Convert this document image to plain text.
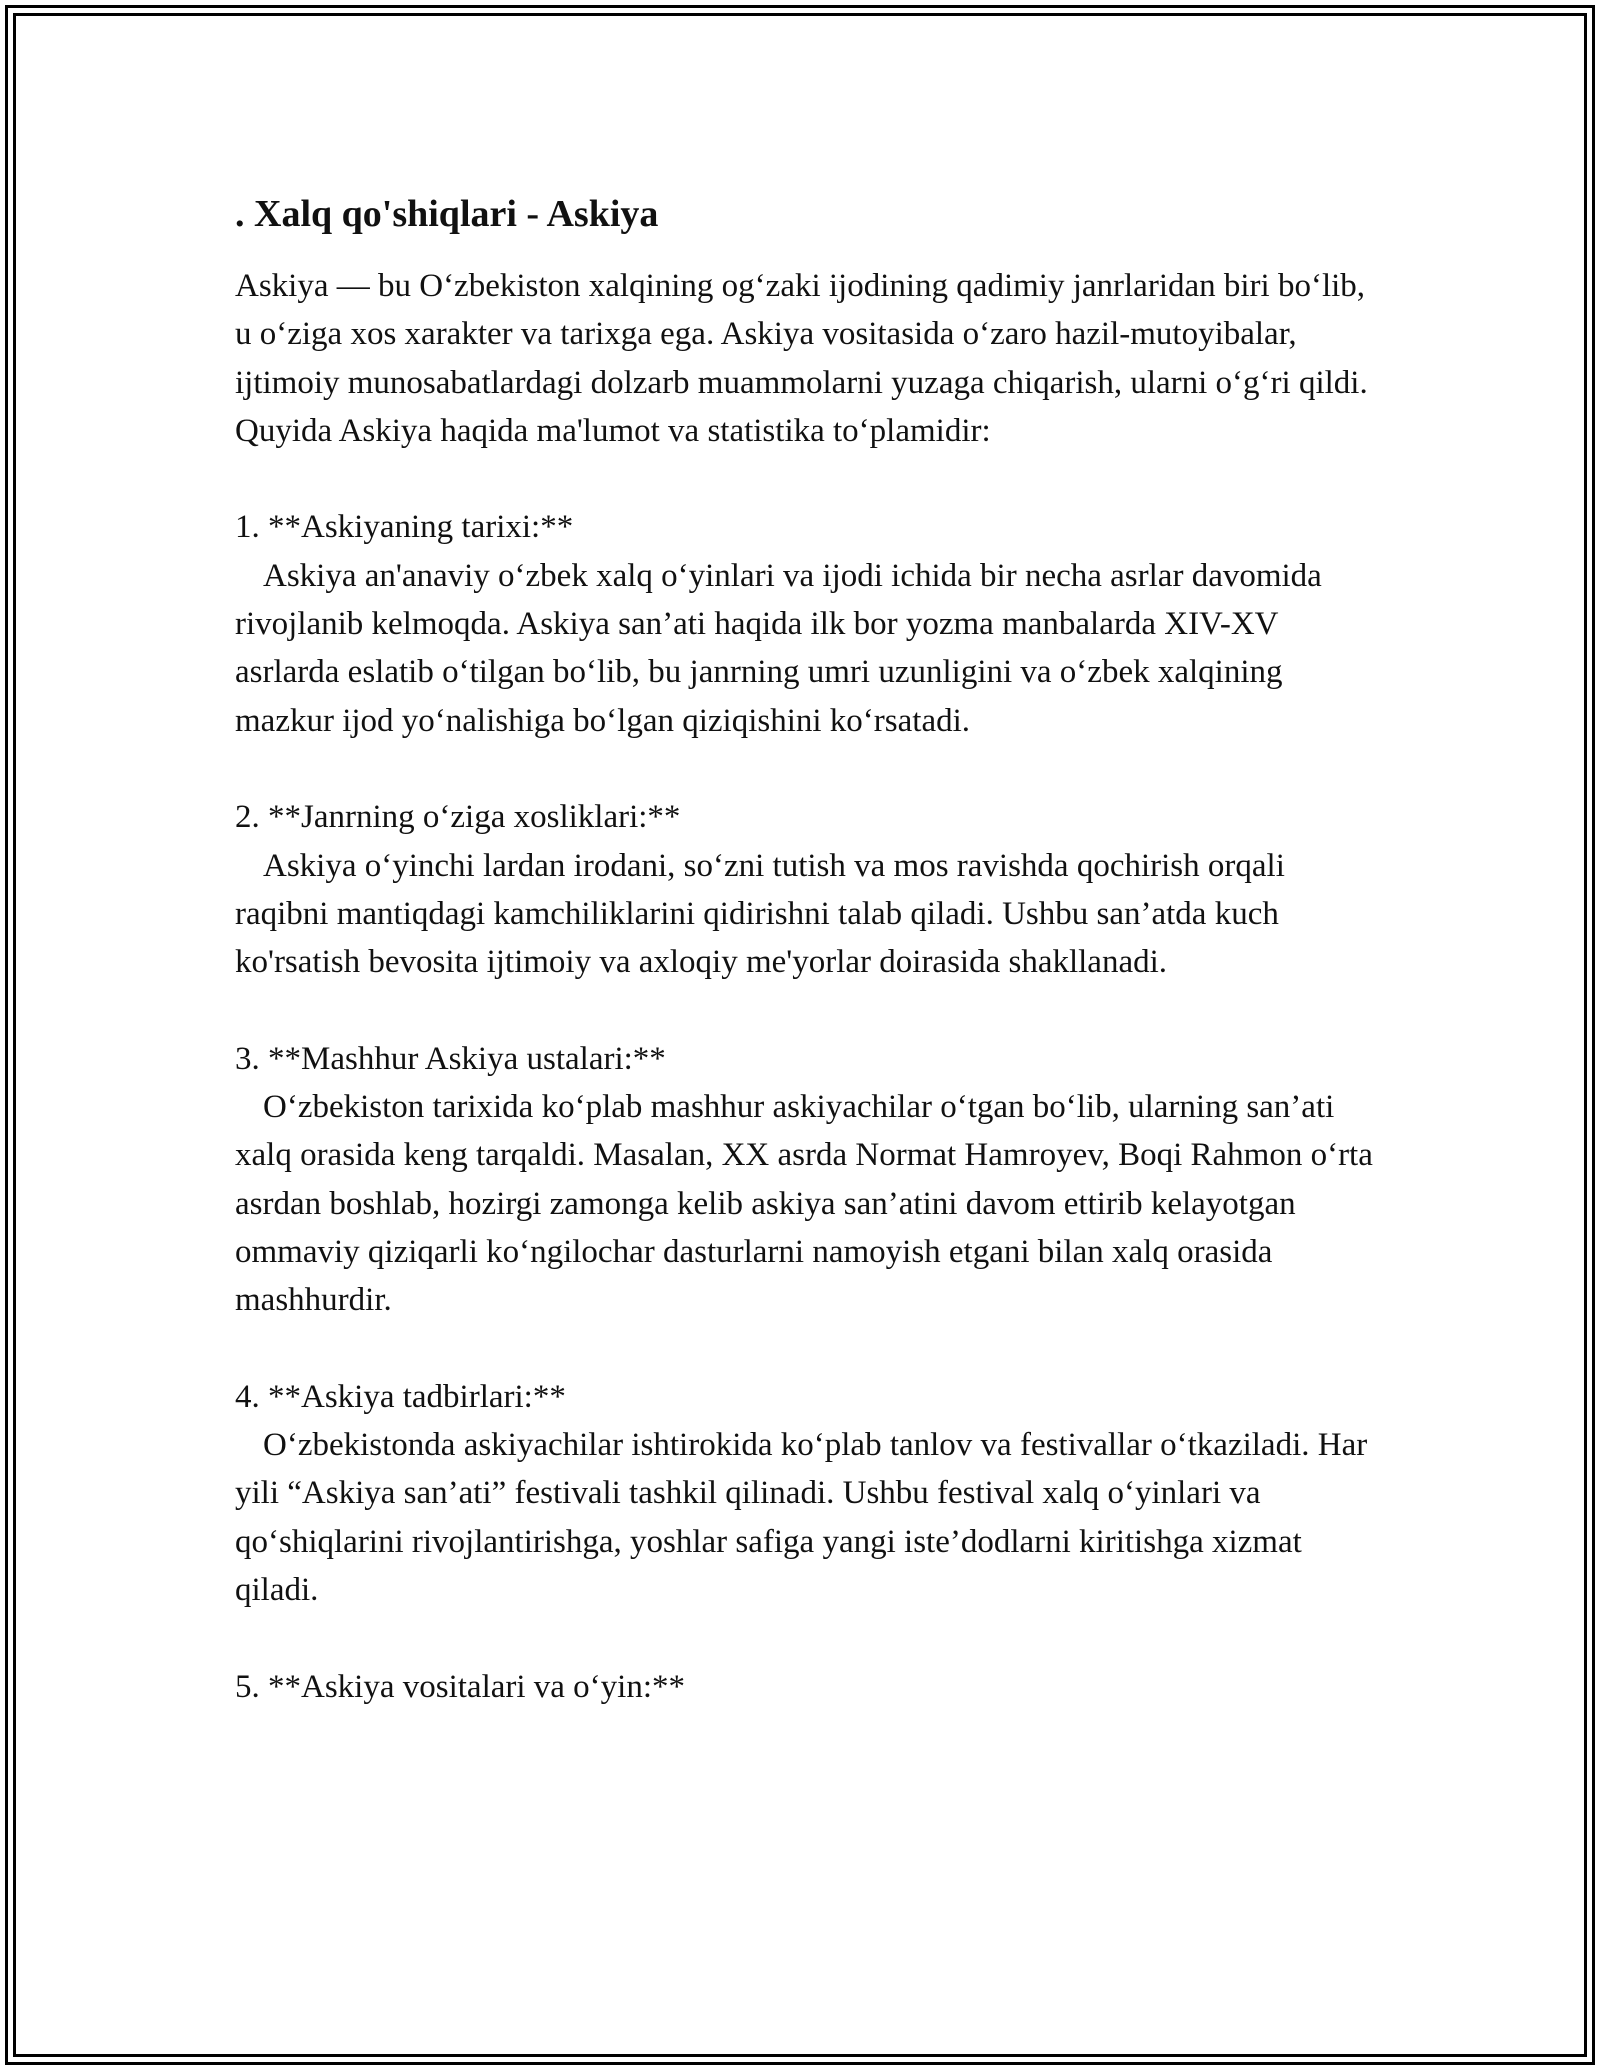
. Xalq qo'shiqlari - Askiya

Askiya — bu O‘zbekiston xalqining og‘zaki ijodining qadimiy janrlaridan biri bo‘lib, u o‘ziga xos xarakter va tarixga ega. Askiya vositasida o‘zaro hazil-mutoyibalar, ijtimoiy munosabatlardagi dolzarb muammolarni yuzaga chiqarish, ularni o‘g‘ri qildi. Quyida Askiya haqida ma'lumot va statistika to‘plamidir:

1. **Askiyaning tarixi:**

Askiya an'anaviy o‘zbek xalq o‘yinlari va ijodi ichida bir necha asrlar davomida rivojlanib kelmoqda. Askiya san’ati haqida ilk bor yozma manbalarda XIV-XV asrlarda eslatib o‘tilgan bo‘lib, bu janrning umri uzunligini va o‘zbek xalqining mazkur ijod yo‘nalishiga bo‘lgan qiziqishini ko‘rsatadi.

2. **Janrning o‘ziga xosliklari:**

Askiya o‘yinchi lardan irodani, so‘zni tutish va mos ravishda qochirish orqali raqibni mantiqdagi kamchiliklarini qidirishni talab qiladi. Ushbu san’atda kuch ko'rsatish bevosita ijtimoiy va axloqiy me'yorlar doirasida shakllanadi.

3. **Mashhur Askiya ustalari:**

O‘zbekiston tarixida ko‘plab mashhur askiyachilar o‘tgan bo‘lib, ularning san’ati xalq orasida keng tarqaldi. Masalan, XX asrda Normat Hamroyev, Boqi Rahmon o‘rta asrdan boshlab, hozirgi zamonga kelib askiya san’atini davom ettirib kelayotgan ommaviy qiziqarli ko‘ngilochar dasturlarni namoyish etgani bilan xalq orasida mashhurdir.

4. **Askiya tadbirlari:**

O‘zbekistonda askiyachilar ishtirokida ko‘plab tanlov va festivallar o‘tkaziladi. Har yili “Askiya san’ati” festivali tashkil qilinadi. Ushbu festival xalq o‘yinlari va qo‘shiqlarini rivojlantirishga, yoshlar safiga yangi iste’dodlarni kiritishga xizmat qiladi.

5. **Askiya vositalari va o‘yin:**
